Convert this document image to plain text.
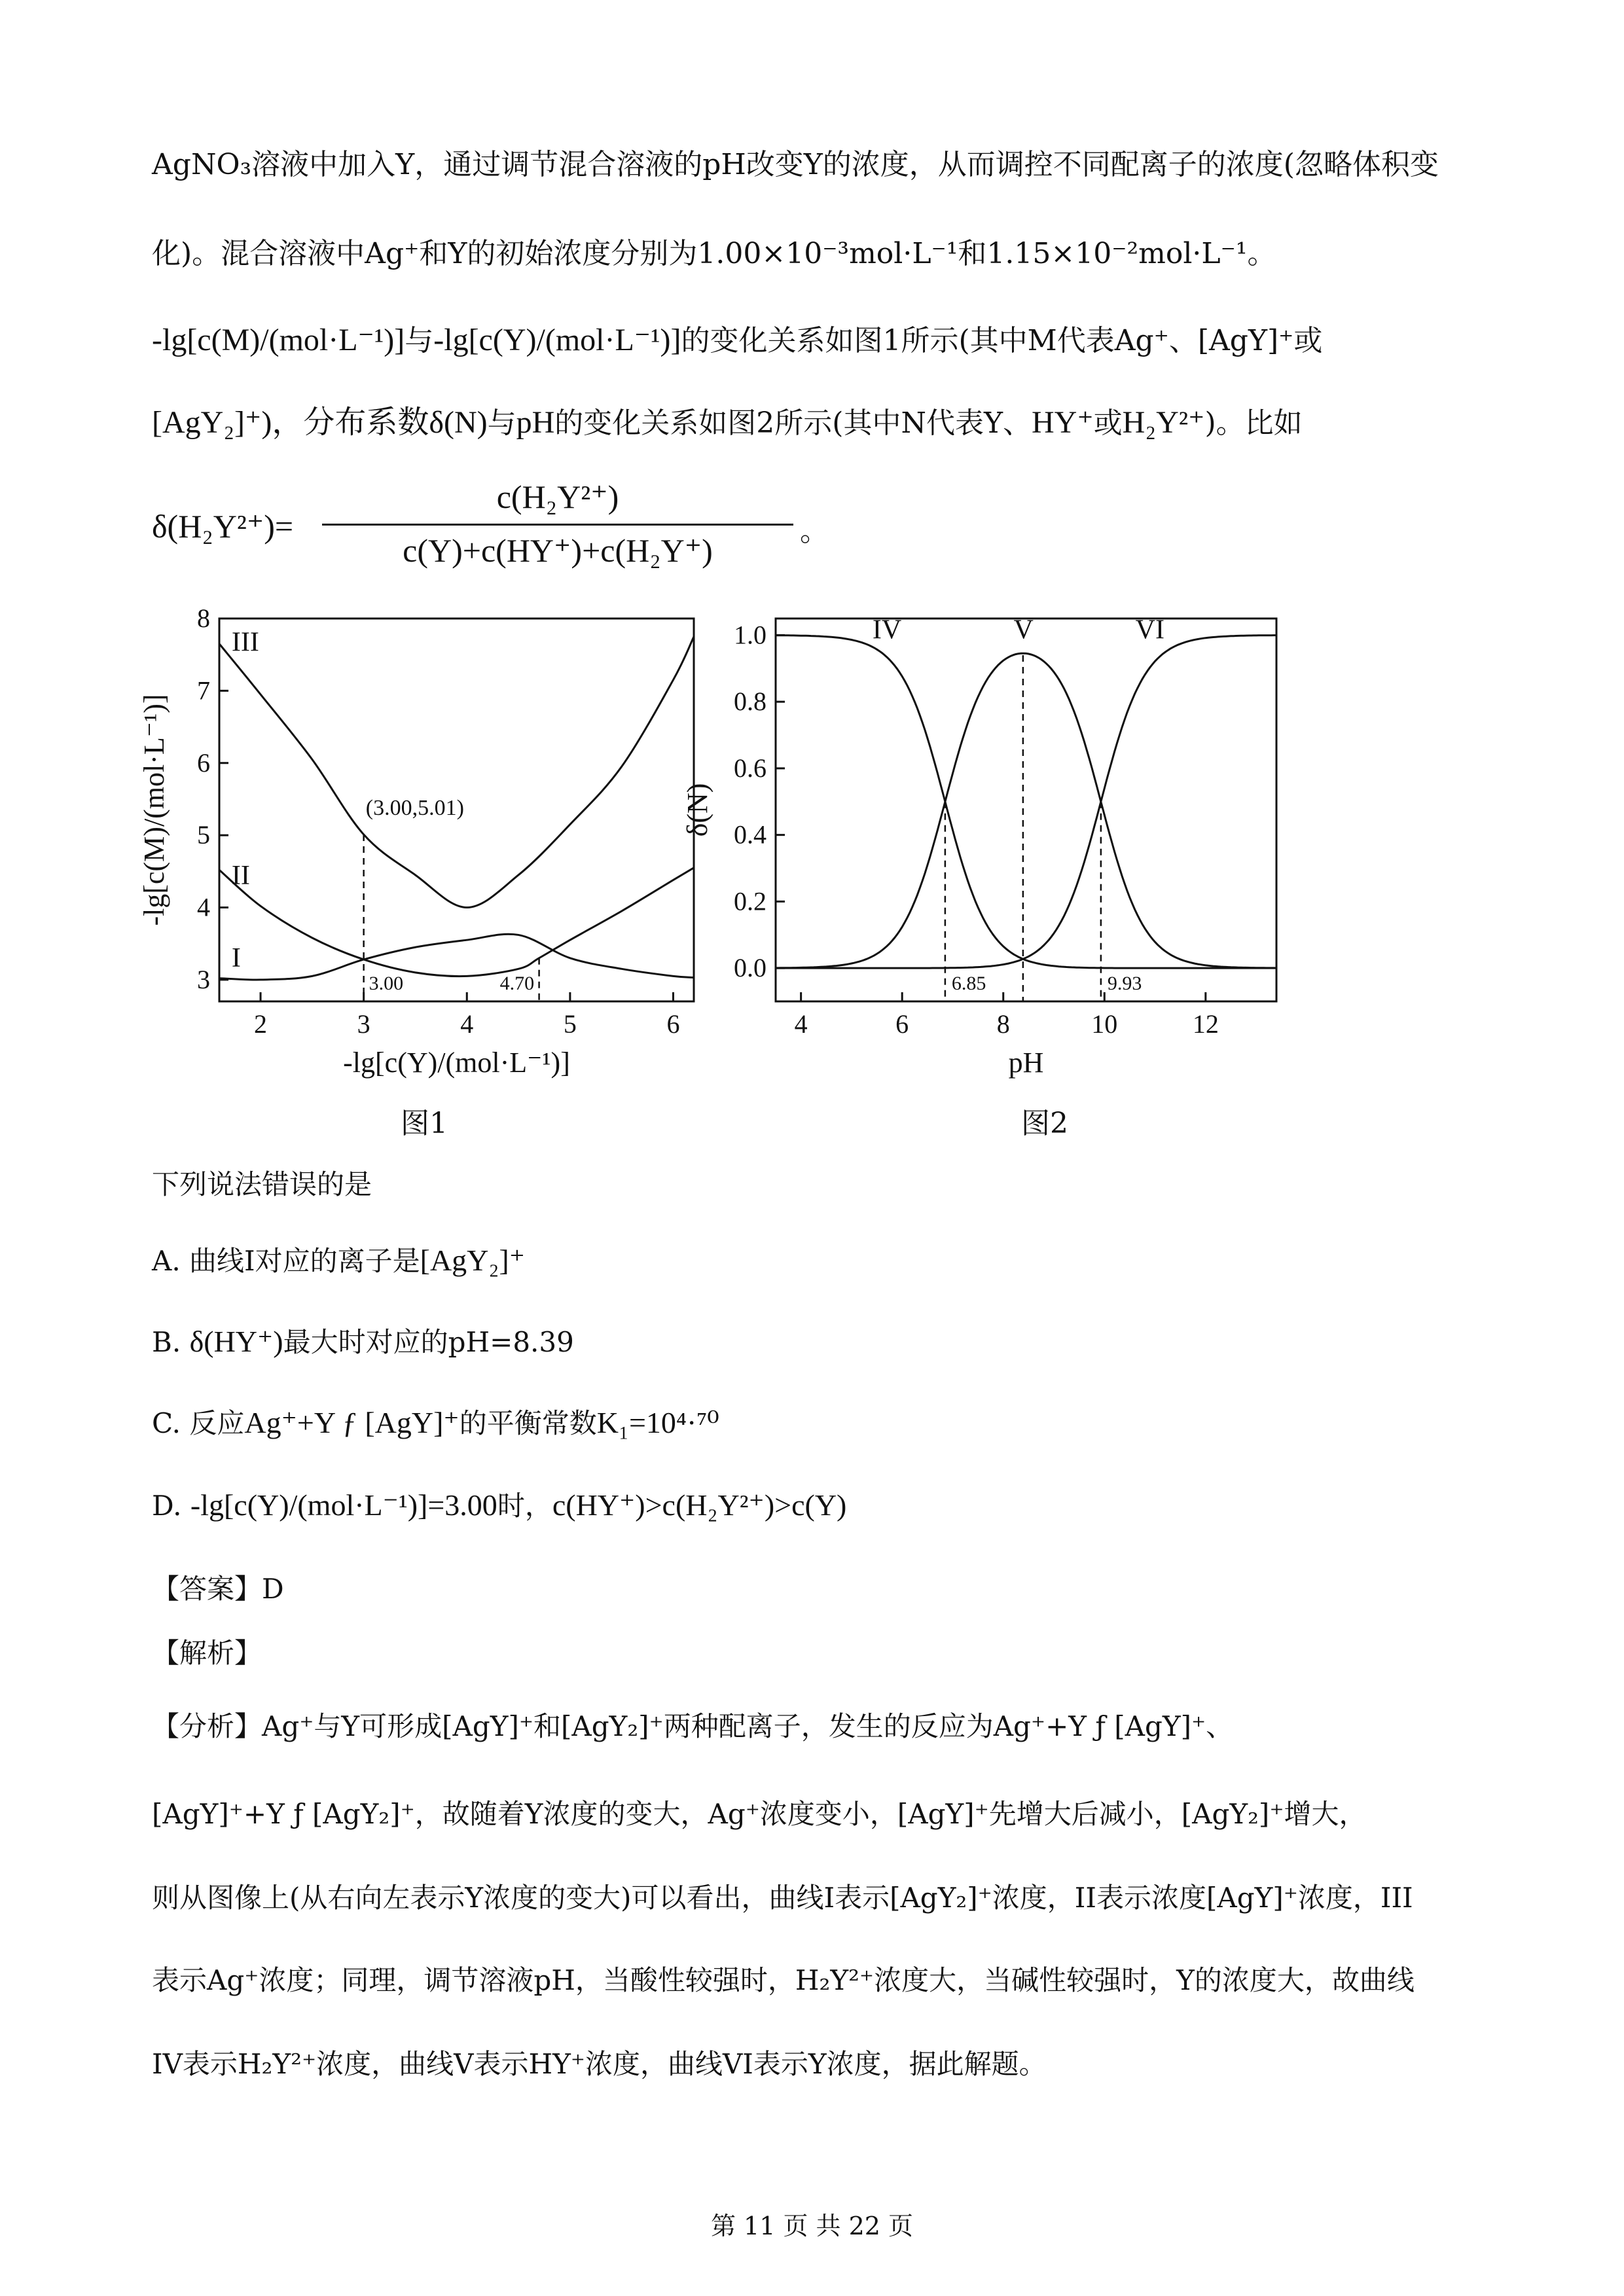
AgNO₃溶液中加入Y，通过调节混合溶液的pH改变Y的浓度，从而调控不同配离子的浓度(忽略体积变
化)。混合溶液中Ag⁺和Y的初始浓度分别为1.00×10⁻³mol·L⁻¹和1.15×10⁻²mol·L⁻¹。
-lg[c(M)/(mol·L⁻¹)]与-lg[c(Y)/(mol·L⁻¹)]的变化关系如图1所示(其中M代表Ag⁺、[AgY]⁺或
[AgY₂]⁺)，分布系数δ(N)与pH的变化关系如图2所示(其中N代表Y、HY⁺或H₂Y²⁺)。比如
δ(H₂Y²⁺)=
c(H₂Y²⁺)
c(Y)+c(HY⁺)+c(H₂Y⁺)
。
2	3	4	5	6
3
4
5
6
7
8
-lg[c(Y)/(mol·L⁻¹)]
-lg[c(M)/(mol·L⁻¹)]
III
II
I
3.00	4.70
(3.00,5.01)
4	6	8	10	12
0.0
0.2
0.4
0.6
0.8
1.0
pH
δ(N)
IV	V	VI
6.85	9.93
图1	图2
下列说法错误的是
A. 曲线I对应的离子是[AgY₂]⁺
B. δ(HY⁺)最大时对应的pH=8.39
C. 反应Ag⁺+Y ƒ [AgY]⁺的平衡常数K₁=10⁴·⁷⁰
D. -lg[c(Y)/(mol·L⁻¹)]=3.00时，c(HY⁺)>c(H₂Y²⁺)>c(Y)
【答案】D
【解析】
【分析】Ag⁺与Y可形成[AgY]⁺和[AgY₂]⁺两种配离子，发生的反应为Ag⁺+Y ƒ [AgY]⁺、
[AgY]⁺+Y ƒ [AgY₂]⁺，故随着Y浓度的变大，Ag⁺浓度变小，[AgY]⁺先增大后减小，[AgY₂]⁺增大，
则从图像上(从右向左表示Y浓度的变大)可以看出，曲线I表示[AgY₂]⁺浓度，II表示浓度[AgY]⁺浓度，III
表示Ag⁺浓度；同理，调节溶液pH，当酸性较强时，H₂Y²⁺浓度大，当碱性较强时，Y的浓度大，故曲线
IV表示H₂Y²⁺浓度，曲线V表示HY⁺浓度，曲线VI表示Y浓度，据此解题。
第 11 页 共 22 页
